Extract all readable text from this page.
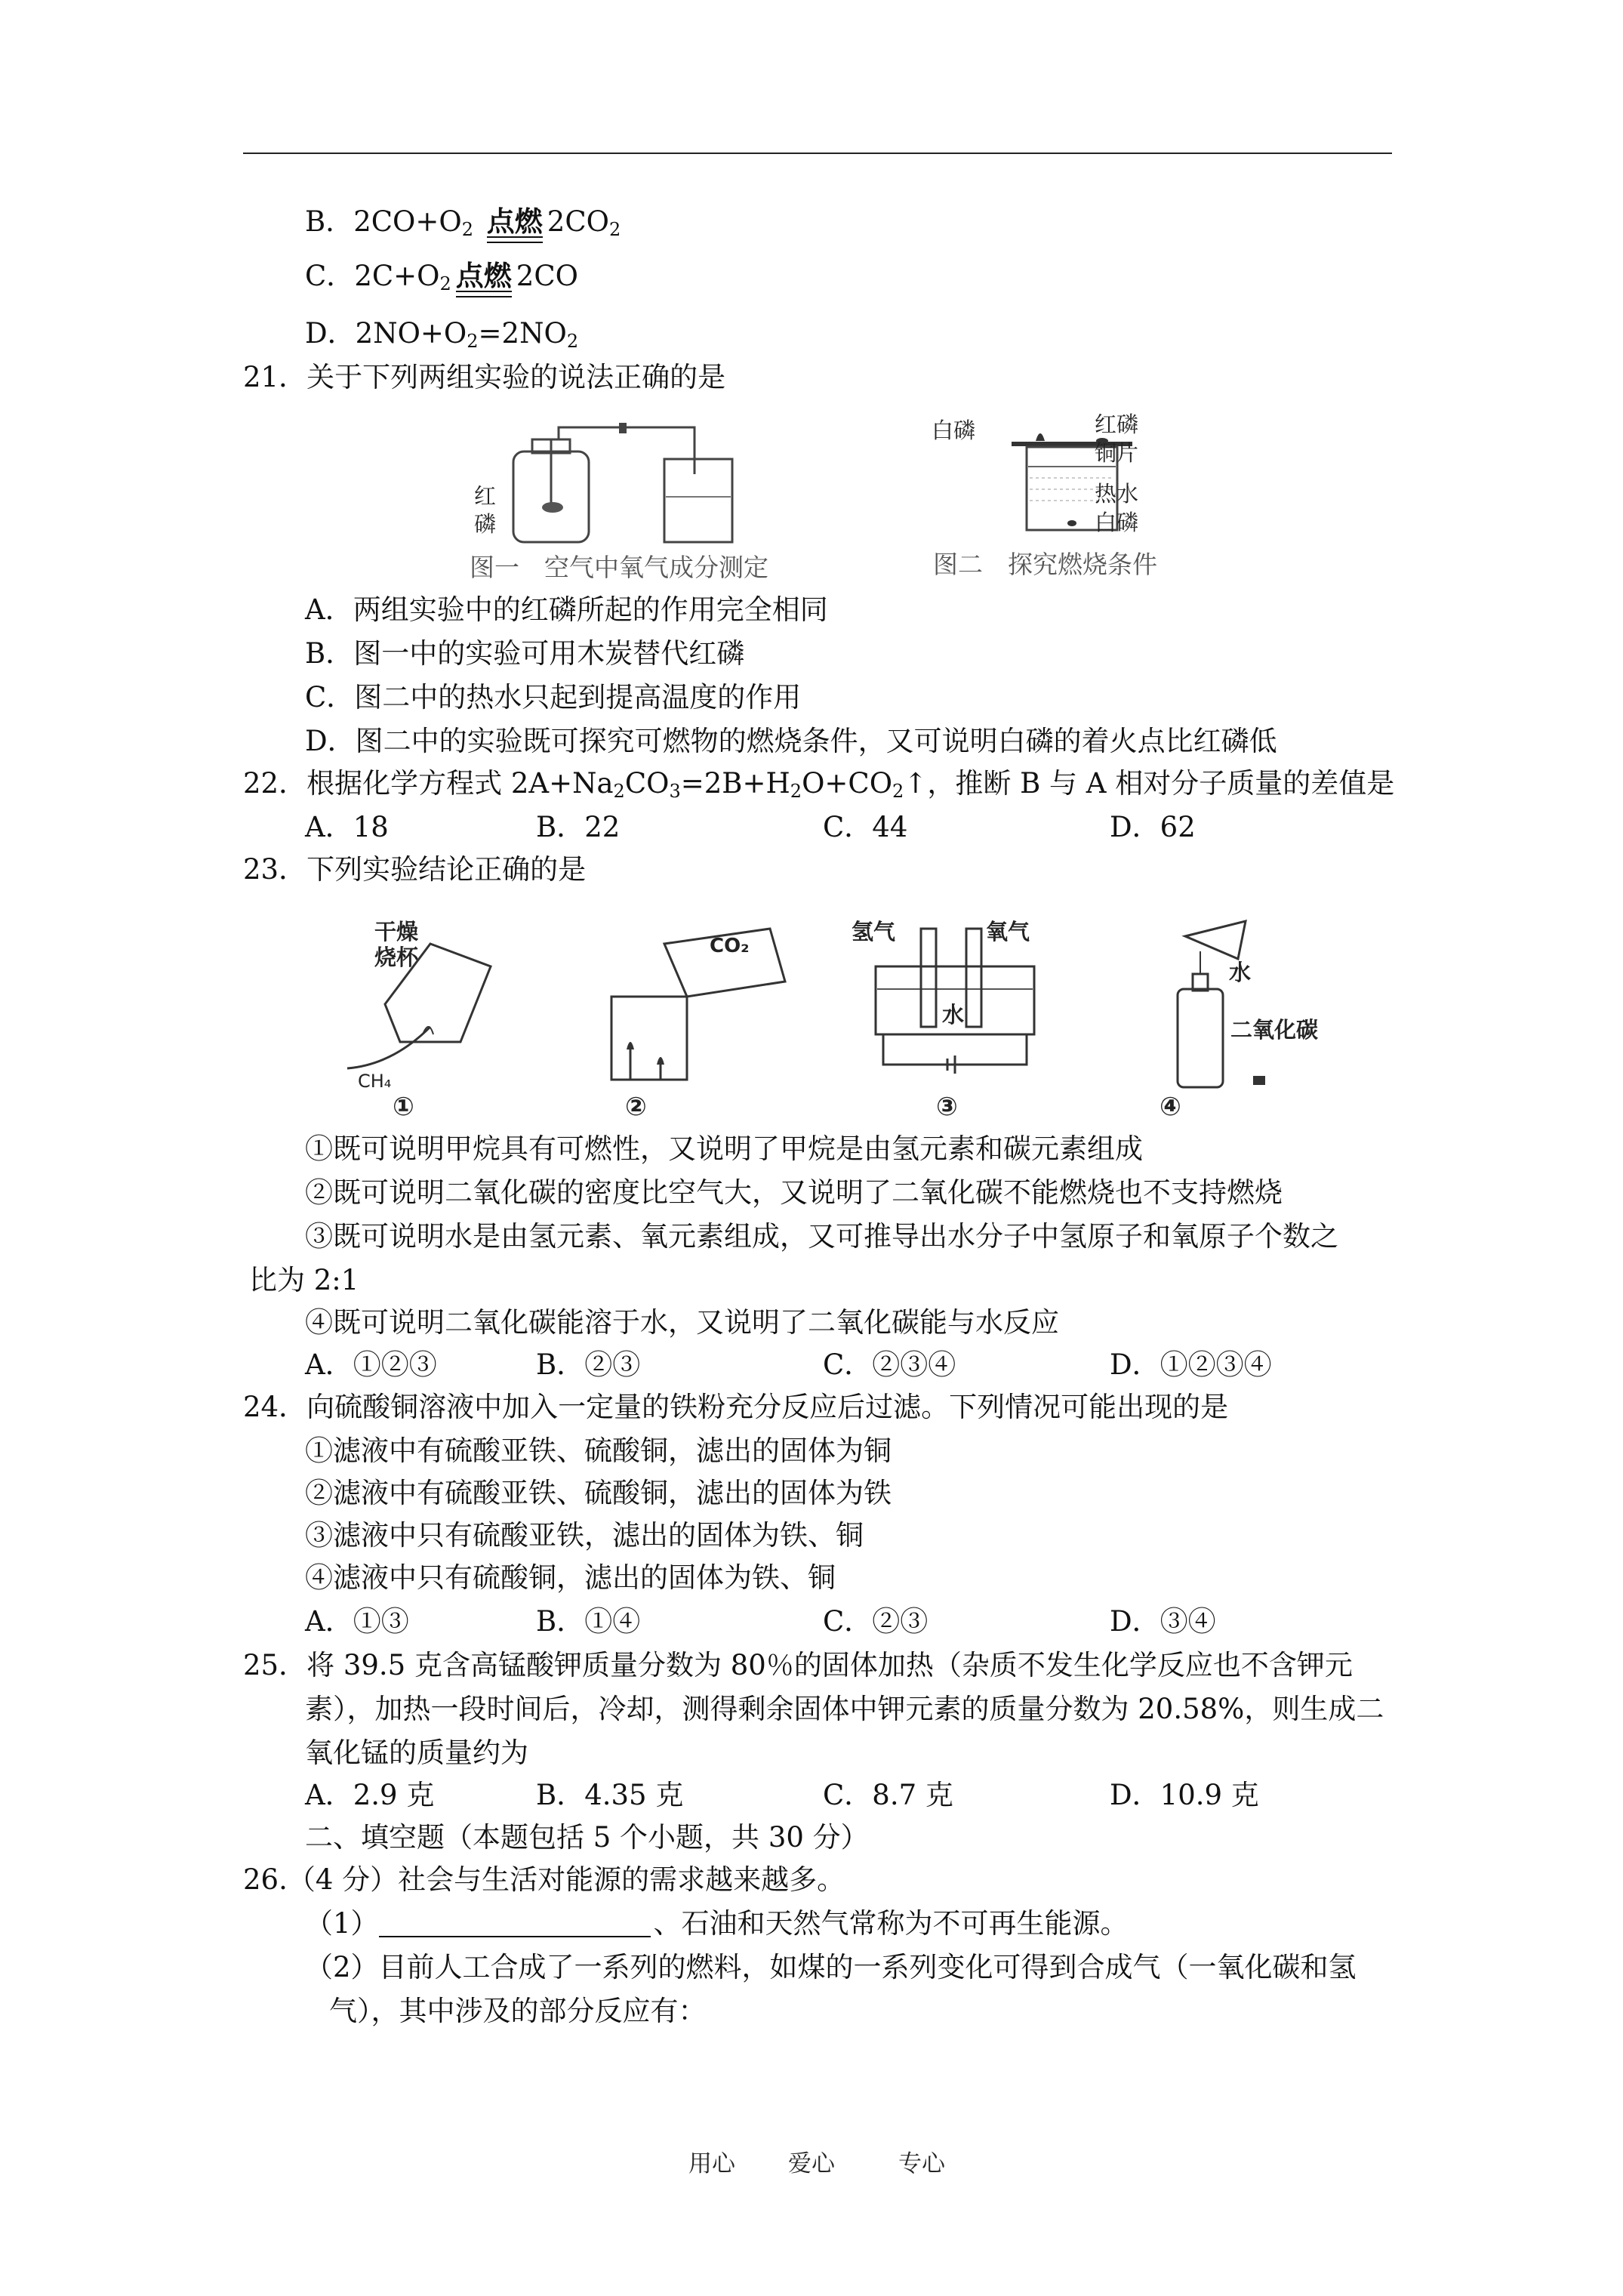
B．$2CO+O_2$ 点燃 $2CO_2$
C．$2C+O_2$ 点燃 2CO
D．$2NO+O_2=2NO_2$
21．关于下列两组实验的说法正确的是
红
磷
图一　空气中氧气成分测定
白磷	红磷
铜片
热水
白磷
图二　探究燃烧条件
A．两组实验中的红磷所起的作用完全相同
B．图一中的实验可用木炭替代红磷
C．图二中的热水只起到提高温度的作用
D．图二中的实验既可探究可燃物的燃烧条件，又可说明白磷的着火点比红磷低
22．根据化学方程式 $2A+Na_2CO_3=2B+H_2O+CO_2↑$，推断 B 与 A 相对分子质量的差值是
A．18	B．22	C．44	D．62
23．下列实验结论正确的是
干燥
烧杯
CH₄
CO₂
氢气	氧气
水
水
二氧化碳
①	②	③	④
①既可说明甲烷具有可燃性，又说明了甲烷是由氢元素和碳元素组成
②既可说明二氧化碳的密度比空气大，又说明了二氧化碳不能燃烧也不支持燃烧
③既可说明水是由氢元素、氧元素组成，又可推导出水分子中氢原子和氧原子个数之
比为 2:1
④既可说明二氧化碳能溶于水，又说明了二氧化碳能与水反应
A．①②③	B．②③	C．②③④	D．①②③④
24．向硫酸铜溶液中加入一定量的铁粉充分反应后过滤。下列情况可能出现的是
①滤液中有硫酸亚铁、硫酸铜，滤出的固体为铜
②滤液中有硫酸亚铁、硫酸铜，滤出的固体为铁
③滤液中只有硫酸亚铁，滤出的固体为铁、铜
④滤液中只有硫酸铜，滤出的固体为铁、铜
A．①③	B．①④	C．②③	D．③④
25．将 39.5 克含高锰酸钾质量分数为 80％的固体加热（杂质不发生化学反应也不含钾元
素），加热一段时间后，冷却，测得剩余固体中钾元素的质量分数为 20.58%，则生成二
氧化锰的质量约为
A．2.9 克	B．4.35 克	C．8.7 克	D．10.9 克
二、填空题（本题包括 5 个小题，共 30 分）
26.（4 分）社会与生活对能源的需求越来越多。
（1）	、石油和天然气常称为不可再生能源。
（2）目前人工合成了一系列的燃料，如煤的一系列变化可得到合成气（一氧化碳和氢
气），其中涉及的部分反应有：
用心 爱心	专心
